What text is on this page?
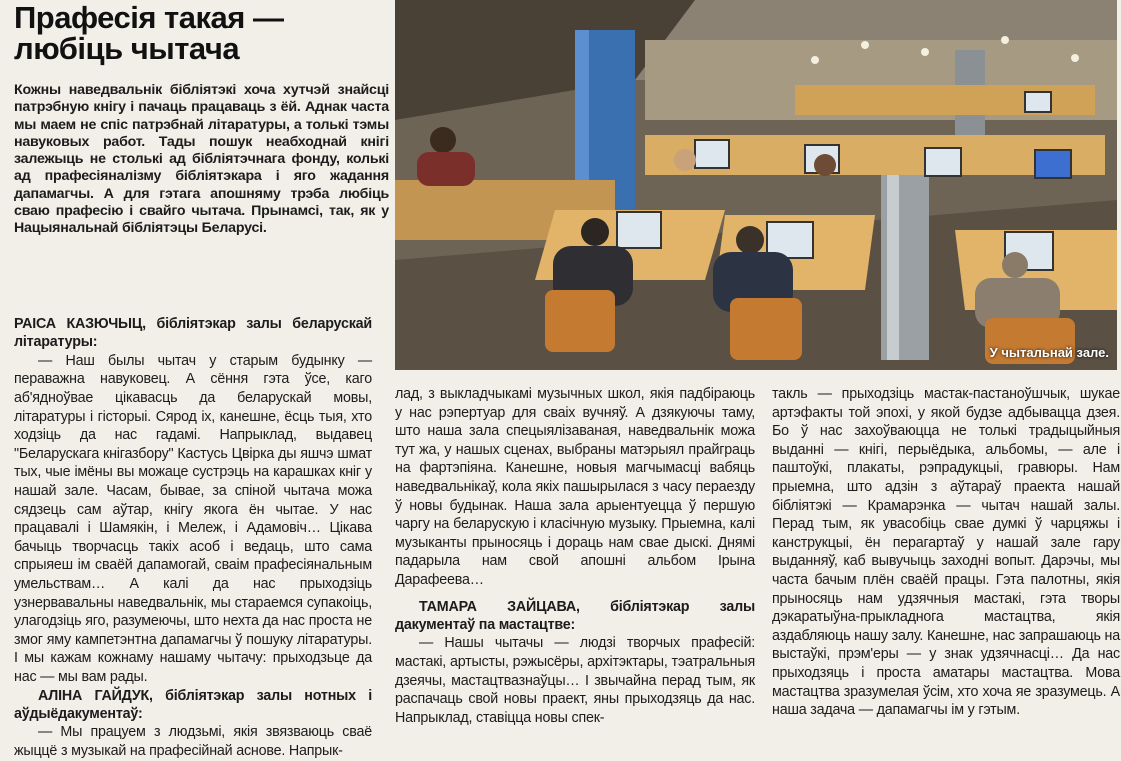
Прафесія такая —
любіць чытача

Кожны наведвальнік бібліятэкі хоча хутчэй знайсці патрэбную кнігу і пачаць працаваць з ёй. Аднак часта мы маем не спіс патрэбнай літаратуры, а толькі тэмы навуковых работ. Тады пошук неабходнай кнігі залежыць не столькі ад бібліятэчнага фонду, колькі ад прафесіяналізму бібліятэкара і яго жадання дапамагчы. А для гэтага апошняму трэба любіць сваю прафесію і свайго чытача. Прынамсі, так, як у Нацыянальнай бібліятэцы Беларусі.

У чытальнай зале.

РАІСА КАЗЮЧЫЦ, бібліятэкар залы беларускай літаратуры:

— Наш былы чытач у старым будынку — пераважна навуковец. А сёння гэта ўсе, каго аб'ядноўвае цікавасць да беларускай мовы, літаратуры і гісторыі. Сярод іх, канешне, ёсць тыя, хто ходзіць да нас гадамі. Напрыклад, выдавец "Беларускага кнігазбору" Кастусь Цвірка ды яшчэ шмат тых, чые імёны вы можаце сустрэць на карашках кніг у нашай зале. Часам, бывае, за спіной чытача можа сядзець сам аўтар, кнігу якога ён чытае. У нас працавалі і Шамякін, і Мележ, і Адамовіч… Цікава бачыць творчасць такіх асоб і ведаць, што сама спрыяеш ім сваёй дапамогай, сваім прафесіянальным умельствам… А калі да нас прыходзіць узнервавальны наведвальнік, мы стараемся супакоіць, улагодзіць яго, разумеючы, што нехта да нас проста не змог яму кампетэнтна дапамагчы ў пошуку літаратуры. І мы кажам кожнаму нашаму чытачу: прыходзьце да нас — мы вам рады.

АЛІНА ГАЙДУК, бібліятэкар залы нотных і аўдыёдакументаў:

— Мы працуем з людзьмі, якія звязваюць сваё жыццё з музыкай на прафесійнай аснове. Напрык-

лад, з выкладчыкамі музычных школ, якія падбіраюць у нас рэпертуар для сваіх вучняў. А дзякуючы таму, што наша зала спецыялізаваная, наведвальнік можа тут жа, у нашых сценах, выбраны матэрыял прайграць на фартэпіяна. Канешне, новыя магчымасці вабяць наведвальнікаў, кола якіх пашырылася з часу пераезду ў новы будынак. Наша зала арыентуецца ў першую чаргу на беларускую і класічную музыку. Прыемна, калі музыканты прыносяць і дораць нам свае дыскі. Днямі падарыла нам свой апошні альбом Ірына Дарафеева…

ТАМАРА ЗАЙЦАВА, бібліятэкар залы дакументаў па мастацтве:

— Нашы чытачы — людзі творчых прафесій: мастакі, артысты, рэжысёры, архітэктары, тэатральныя дзеячы, мастацтвазнаўцы… І звычайна перад тым, як распачаць свой новы праект, яны прыходзяць да нас. Напрыклад, ставіцца новы спек-

такль — прыходзіць мастак-пастаноўшчык, шукае артэфакты той эпохі, у якой будзе адбывацца дзея. Бо ў нас захоўваюцца не толькі традыцыйныя выданні — кнігі, перыёдыка, альбомы, — але і паштоўкі, плакаты, рэпрадукцыі, гравюры. Нам прыемна, што адзін з аўтараў праекта нашай бібліятэкі — Крамарэнка — чытач нашай залы. Перад тым, як увасобіць свае думкі ў чарцяжы і канструкцыі, ён перагартаў у нашай зале гару выданняў, каб вывучыць заходні вопыт. Дарэчы, мы часта бачым плён сваёй працы. Гэта палотны, якія прыносяць нам удзячныя мастакі, гэта творы дэкаратыўна-прыкладнога мастацтва, якія аздабляюць нашу залу. Канешне, нас запрашаюць на выстаўкі, прэм'еры — у знак удзячнасці… Да нас прыходзяць і проста аматары мастацтва. Мова мастацтва зразумелая ўсім, хто хоча яе зразумець. А наша задача — дапамагчы ім у гэтым.
